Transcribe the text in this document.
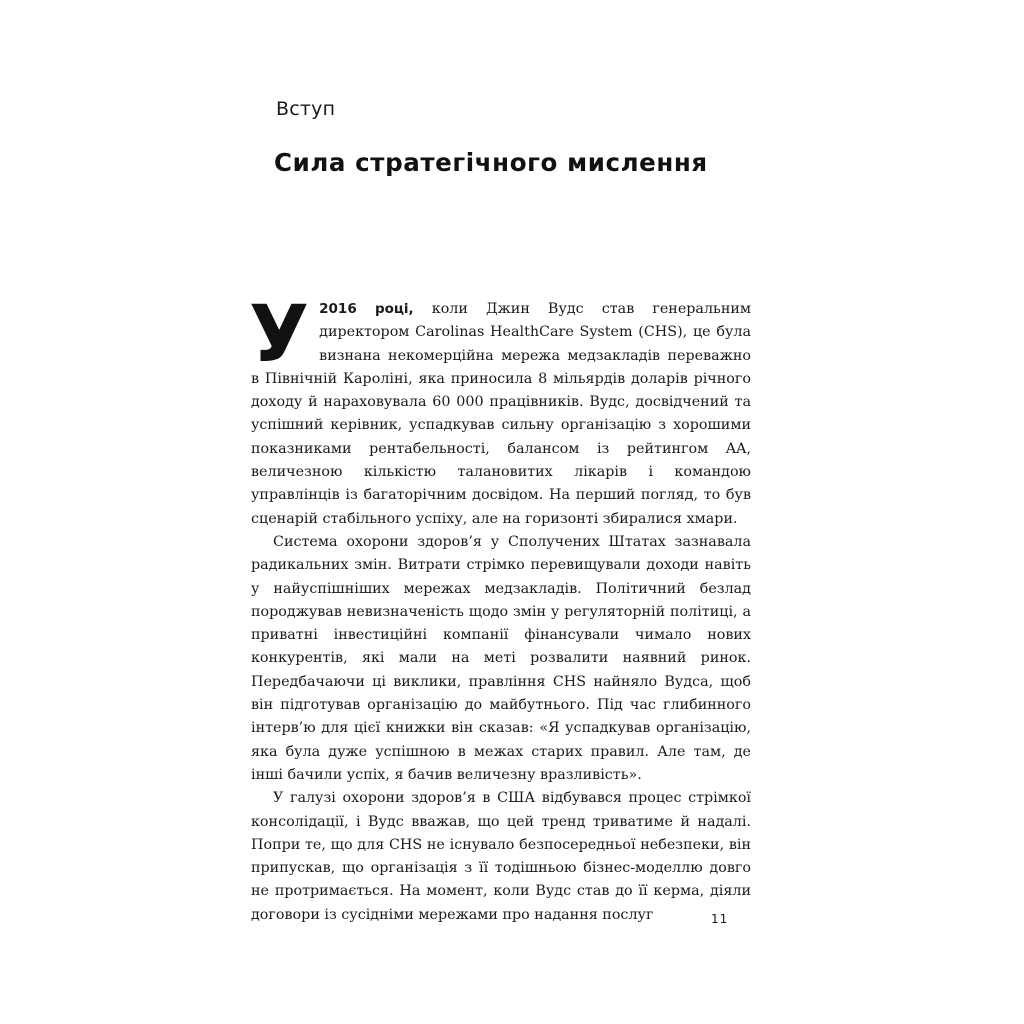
Вступ
Сила стратегічного мислення

У 2016 році, коли Джин Вудс став генеральним директором Carolinas HealthCare System (CHS), це була визнана некомерційна мережа медзакладів переважно в Північній Кароліні, яка приносила 8 мільярдів доларів річного доходу й нараховувала 60 000 працівників. Вудс, досвідчений та успішний керівник, успадкував сильну організацію з хорошими показниками рентабельності, балансом із рейтингом AA, величезною кількістю талановитих лікарів і командою управлінців із багаторічним досвідом. На перший погляд, то був сценарій стабільного успіху, але на горизонті збиралися хмари.

Система охорони здоров’я у Сполучених Штатах зазнавала радикальних змін. Витрати стрімко перевищували доходи навіть у найуспішніших мережах медзакладів. Політичний безлад породжував невизначеність щодо змін у регуляторній політиці, а приватні інвестиційні компанії фінансували чимало нових конкурентів, які мали на меті розвалити наявний ринок. Передбачаючи ці виклики, правління CHS найняло Вудса, щоб він підготував організацію до майбутнього. Під час глибинного інтерв’ю для цієї книжки він сказав: «Я успадкував організацію, яка була дуже успішною в межах старих правил. Але там, де інші бачили успіх, я бачив величезну вразливість».

У галузі охорони здоров’я в США відбувався процес стрімкої консолідації, і Вудс вважав, що цей тренд триватиме й надалі. Попри те, що для CHS не існувало безпосередньої небезпеки, він припускав, що організація з її тодішньою бізнес-моделлю довго не протримається. На момент, коли Вудс став до її керма, діяли договори із сусідніми мережами про надання послуг	11
